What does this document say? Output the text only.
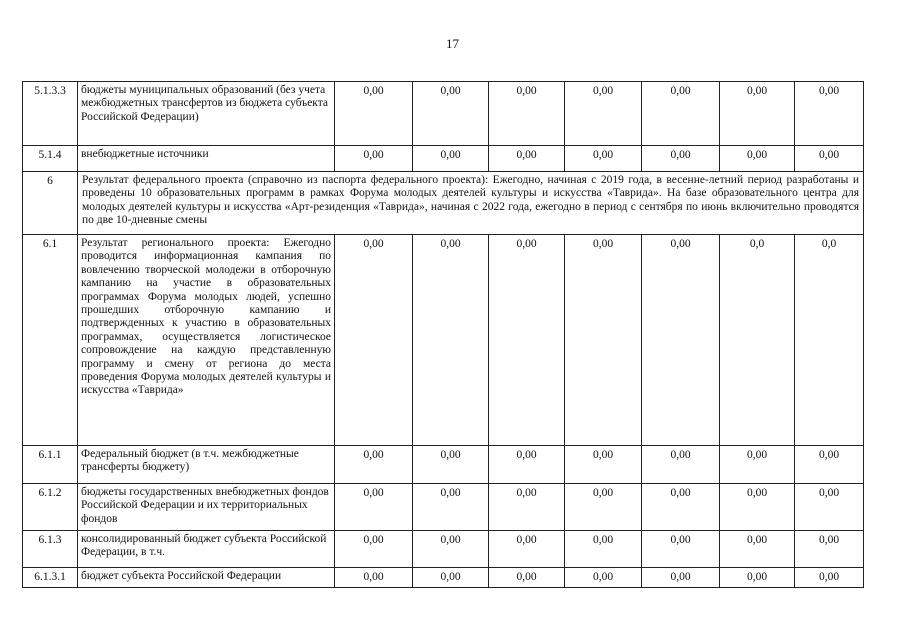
17
5.1.3.3	бюджеты муниципальных образований (без учета межбюджетных трансфертов из бюджета субъекта Российской Федерации)	0,00	0,00	0,00	0,00	0,00	0,00	0,00
5.1.4	внебюджетные источники	0,00	0,00	0,00	0,00	0,00	0,00	0,00
6	Результат федерального проекта (справочно из паспорта федерального проекта): Ежегодно, начиная с 2019 года, в весенне-летний период разработаны и проведены 10 образовательных программ в рамках Форума молодых деятелей культуры и искусства «Таврида». На базе образовательного центра для молодых деятелей культуры и искусства «Арт-резиденция «Таврида», начиная с 2022 года, ежегодно в период с сентября по июнь включительно проводятся по две 10-дневные смены							
6.1	Результат регионального проекта: Ежегодно проводится информационная кампания по вовлечению творческой молодежи в отборочную кампанию на участие в образовательных программах Форума молодых людей, успешно прошедших отборочную кампанию и подтвержденных к участию в образовательных программах, осуществляется логистическое сопровождение на каждую представленную программу и смену от региона до места проведения Форума молодых деятелей культуры и искусства «Таврида»	0,00	0,00	0,00	0,00	0,00	0,0	0,0
6.1.1	Федеральный бюджет (в т.ч. межбюджетные трансферты бюджету)	0,00	0,00	0,00	0,00	0,00	0,00	0,00
6.1.2	бюджеты государственных внебюджетных фондов Российской Федерации и их территориальных фондов	0,00	0,00	0,00	0,00	0,00	0,00	0,00
6.1.3	консолидированный бюджет субъекта Российской Федерации, в т.ч.	0,00	0,00	0,00	0,00	0,00	0,00	0,00
6.1.3.1	бюджет субъекта Российской Федерации	0,00	0,00	0,00	0,00	0,00	0,00	0,00
